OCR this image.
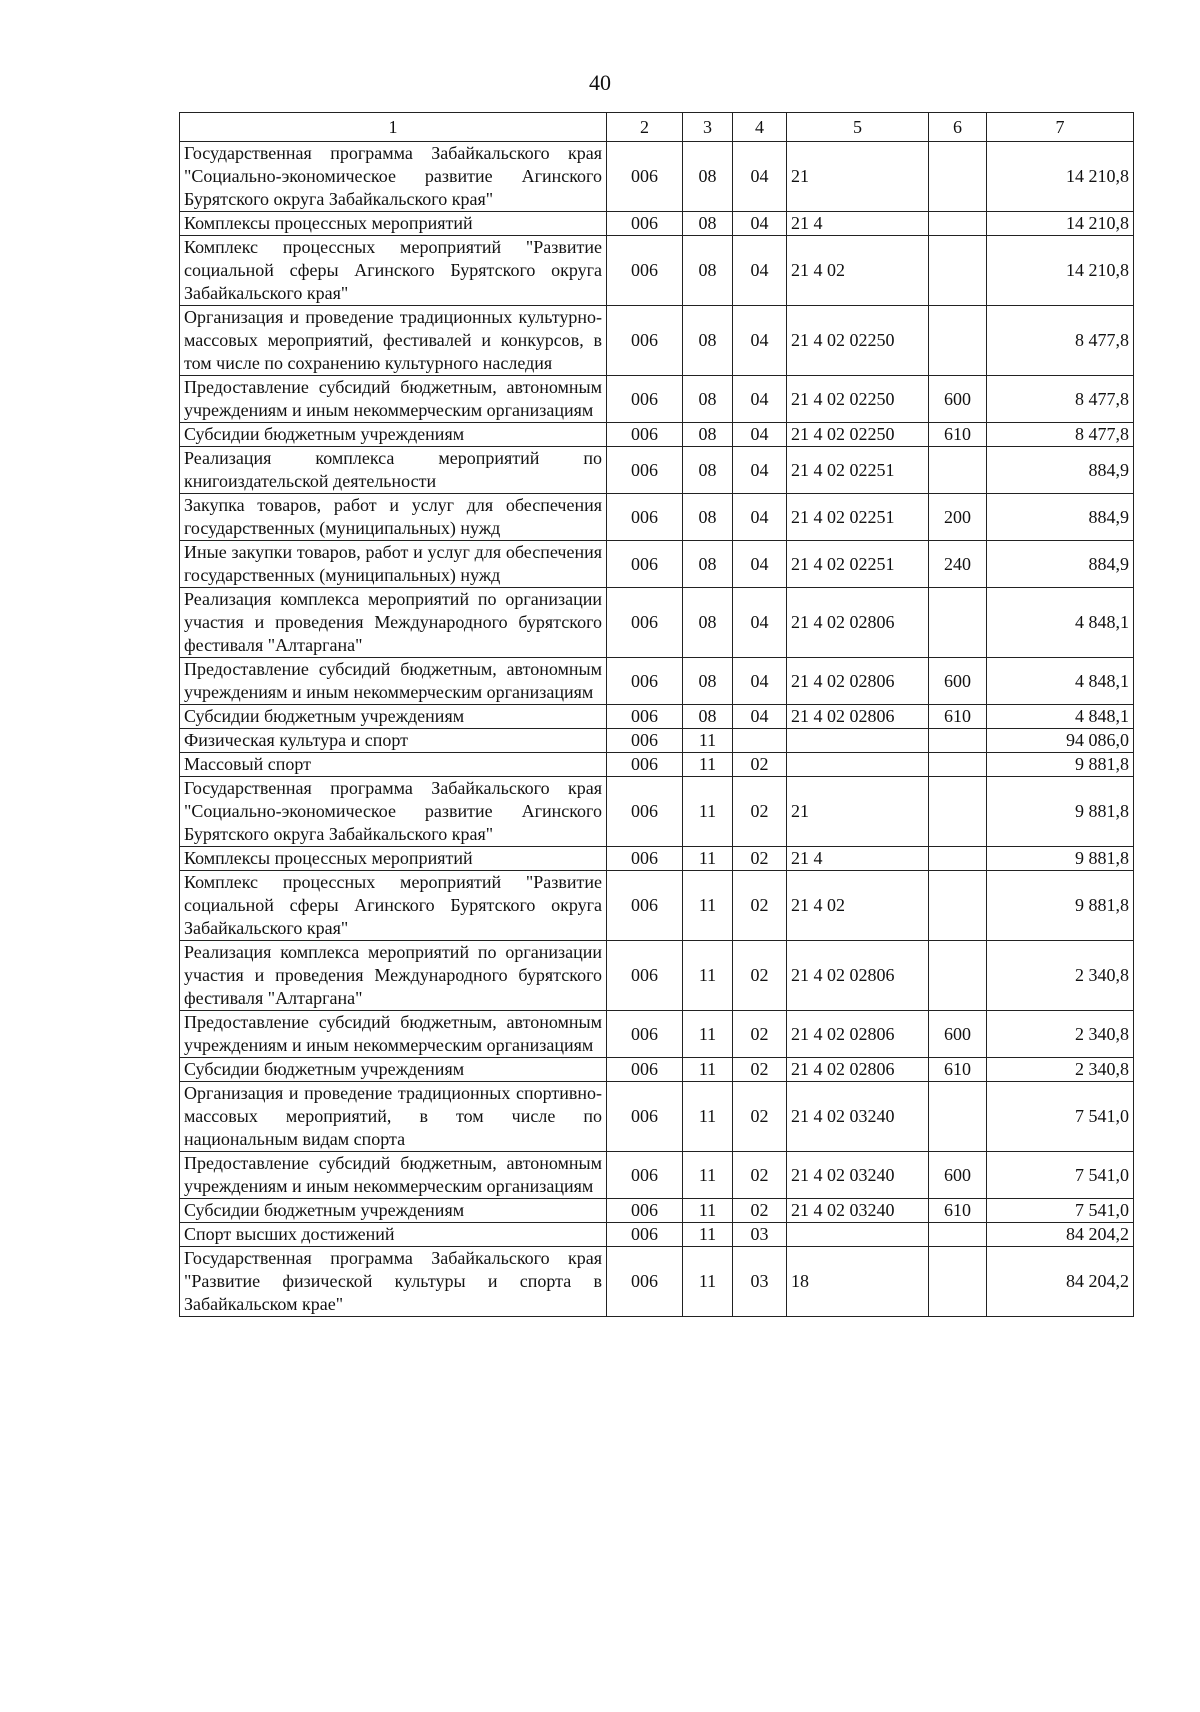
40
1	2	3	4	5	6	7
Государственная программа Забайкальского края "Социально-экономическое развитие Агинского Бурятского округа Забайкальского края"	006	08	04	21		14 210,8
Комплексы процессных мероприятий	006	08	04	21 4		14 210,8
Комплекс процессных мероприятий "Развитие социальной сферы Агинского Бурятского округа Забайкальского края"	006	08	04	21 4 02		14 210,8
Организация и проведение традиционных культурно-массовых мероприятий, фестивалей и конкурсов, в том числе по сохранению культурного наследия	006	08	04	21 4 02 02250		8 477,8
Предоставление субсидий бюджетным, автономным учреждениям и иным некоммерческим организациям	006	08	04	21 4 02 02250	600	8 477,8
Субсидии бюджетным учреждениям	006	08	04	21 4 02 02250	610	8 477,8
Реализация комплекса мероприятий по книгоиздательской деятельности	006	08	04	21 4 02 02251		884,9
Закупка товаров, работ и услуг для обеспечения государственных (муниципальных) нужд	006	08	04	21 4 02 02251	200	884,9
Иные закупки товаров, работ и услуг для обеспечения государственных (муниципальных) нужд	006	08	04	21 4 02 02251	240	884,9
Реализация комплекса мероприятий по организации участия и проведения Международного бурятского фестиваля "Алтаргана"	006	08	04	21 4 02 02806		4 848,1
Предоставление субсидий бюджетным, автономным учреждениям и иным некоммерческим организациям	006	08	04	21 4 02 02806	600	4 848,1
Субсидии бюджетным учреждениям	006	08	04	21 4 02 02806	610	4 848,1
Физическая культура и спорт	006	11				94 086,0
Массовый спорт	006	11	02			9 881,8
Государственная программа Забайкальского края "Социально-экономическое развитие Агинского Бурятского округа Забайкальского края"	006	11	02	21		9 881,8
Комплексы процессных мероприятий	006	11	02	21 4		9 881,8
Комплекс процессных мероприятий "Развитие социальной сферы Агинского Бурятского округа Забайкальского края"	006	11	02	21 4 02		9 881,8
Реализация комплекса мероприятий по организации участия и проведения Международного бурятского фестиваля "Алтаргана"	006	11	02	21 4 02 02806		2 340,8
Предоставление субсидий бюджетным, автономным учреждениям и иным некоммерческим организациям	006	11	02	21 4 02 02806	600	2 340,8
Субсидии бюджетным учреждениям	006	11	02	21 4 02 02806	610	2 340,8
Организация и проведение традиционных спортивно-массовых мероприятий, в том числе по национальным видам спорта	006	11	02	21 4 02 03240		7 541,0
Предоставление субсидий бюджетным, автономным учреждениям и иным некоммерческим организациям	006	11	02	21 4 02 03240	600	7 541,0
Субсидии бюджетным учреждениям	006	11	02	21 4 02 03240	610	7 541,0
Спорт высших достижений	006	11	03			84 204,2
Государственная программа Забайкальского края "Развитие физической культуры и спорта в Забайкальском крае"	006	11	03	18		84 204,2
